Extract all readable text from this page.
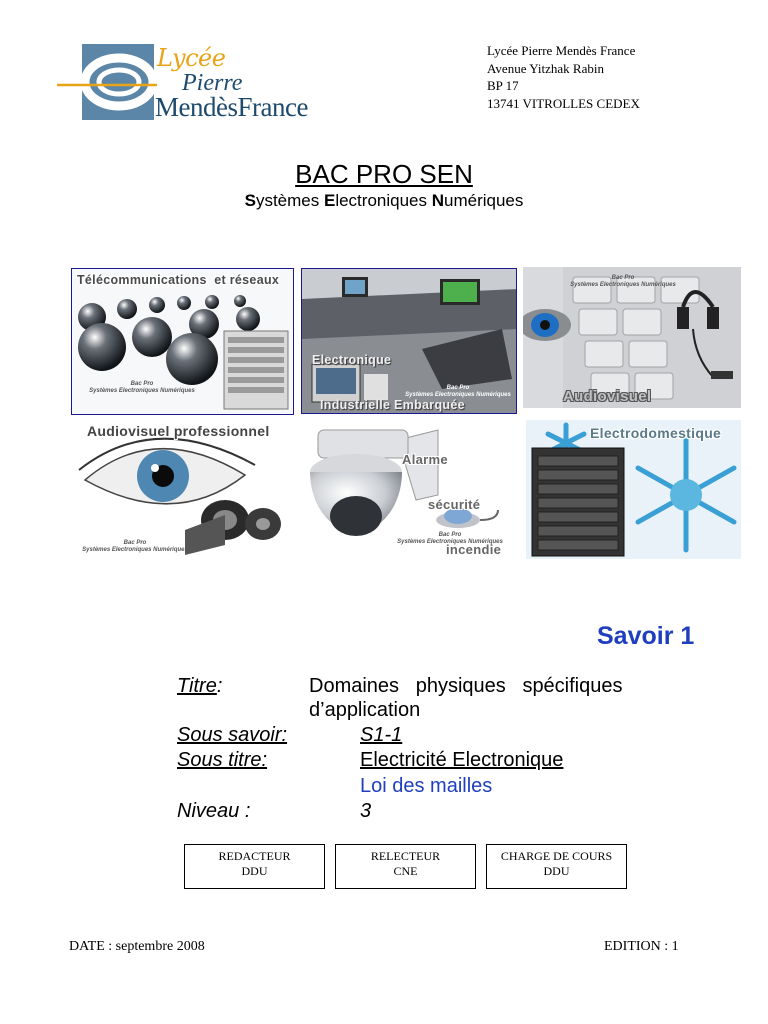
Lycée
Pierre
MendèsFrance
Lycée Pierre Mendès France
Avenue Yitzhak Rabin
BP 17
13741 VITROLLES CEDEX
BAC PRO SEN
Systèmes Electroniques Numériques
Télécommunications  et réseaux
Bac Pro
Systèmes Electroniques Numériques

Electronique

Industrielle Embarquée

Bac Pro
Systèmes Electroniques Numériques
Bac Pro
Systèmes Electroniques Numériques

Audiovisuel

Audiovisuel professionnel
Bac Pro
Systèmes Electroniques Numériques

Alarme

sécurité

incendie

Bac Pro
Systèmes Electroniques Numériques
Electrodomestique
Savoir 1
Titre:	Domaines   physiques   spécifiques
d’application
Sous savoir:	S1-1
Sous titre:	Electricité Electronique
Loi des mailles
Niveau :	3
REDACTEUR
DDU
RELECTEUR
CNE
CHARGE DE COURS
DDU
DATE : septembre 2008	EDITION : 1
